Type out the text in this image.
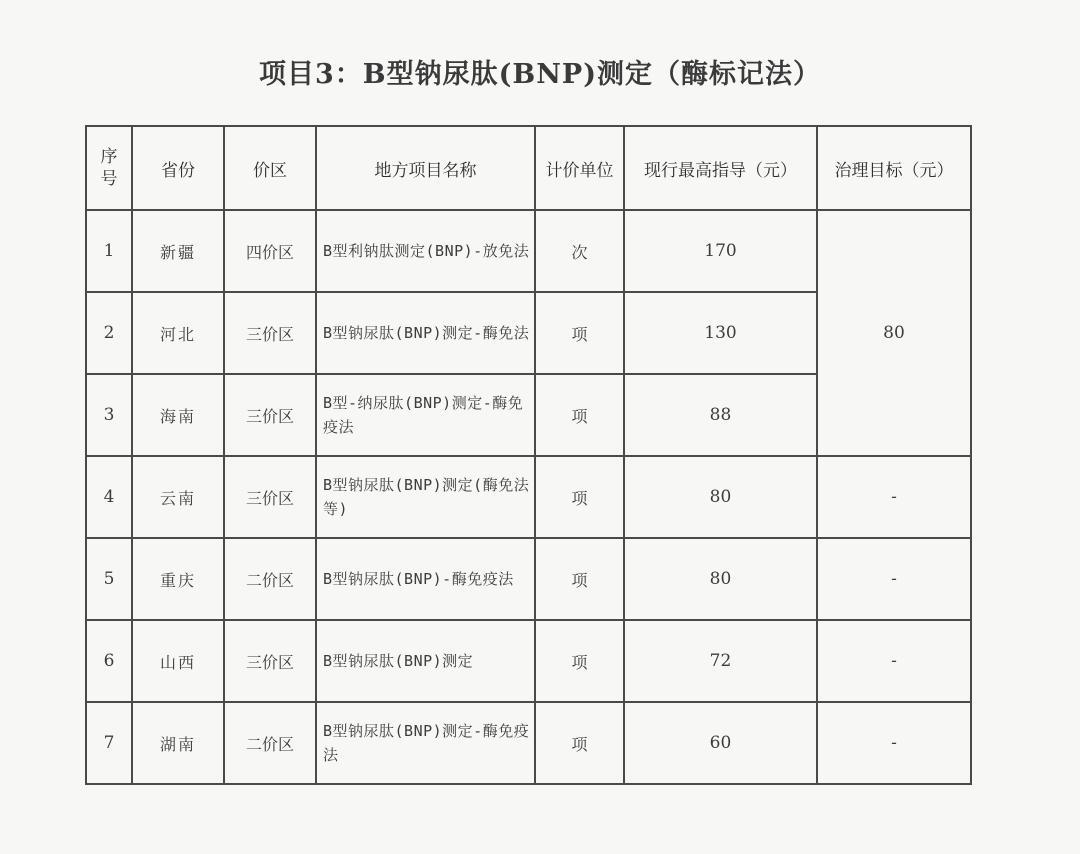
项目3：B型钠尿肽(BNP)测定（酶标记法）
序号	省份	价区	地方项目名称	计价单位	现行最高指导（元）	治理目标（元）
1	新疆	四价区	B型利钠肽测定(BNP)-放免法	次	170	80
2	河北	三价区	B型钠尿肽(BNP)测定-酶免法	项	130	
3	海南	三价区	B型-纳尿肽(BNP)测定-酶免疫法	项	88	
4	云南	三价区	B型钠尿肽(BNP)测定(酶免法等)	项	80	-
5	重庆	二价区	B型钠尿肽(BNP)-酶免疫法	项	80	-
6	山西	三价区	B型钠尿肽(BNP)测定	项	72	-
7	湖南	二价区	B型钠尿肽(BNP)测定-酶免疫法	项	60	-
